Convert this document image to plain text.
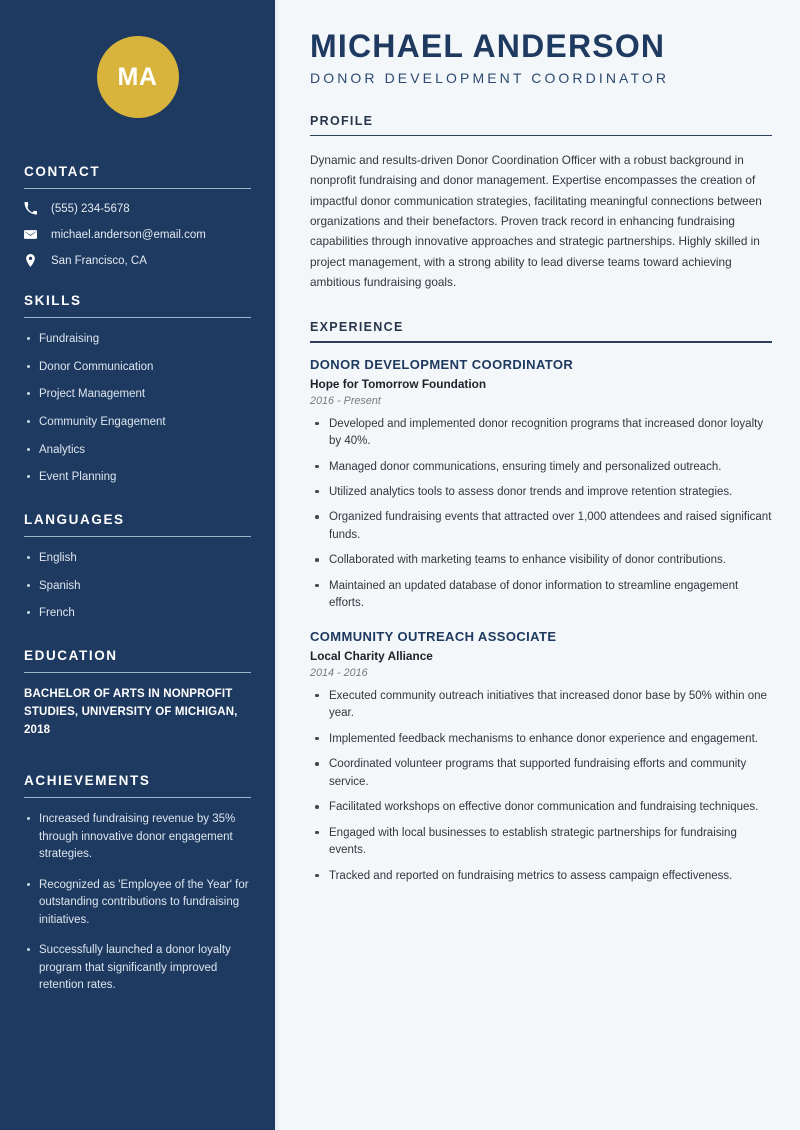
MA
CONTACT
(555) 234-5678
michael.anderson@email.com
San Francisco, CA
SKILLS
Fundraising
Donor Communication
Project Management
Community Engagement
Analytics
Event Planning
LANGUAGES
English
Spanish
French
EDUCATION
BACHELOR OF ARTS IN NONPROFIT STUDIES, UNIVERSITY OF MICHIGAN, 2018
ACHIEVEMENTS
Increased fundraising revenue by 35% through innovative donor engagement strategies.
Recognized as 'Employee of the Year' for outstanding contributions to fundraising initiatives.
Successfully launched a donor loyalty program that significantly improved retention rates.
MICHAEL ANDERSON
DONOR DEVELOPMENT COORDINATOR
PROFILE

Dynamic and results-driven Donor Coordination Officer with a robust background in nonprofit fundraising and donor management. Expertise encompasses the creation of impactful donor communication strategies, facilitating meaningful connections between organizations and their benefactors. Proven track record in enhancing fundraising capabilities through innovative approaches and strategic partnerships. Highly skilled in project management, with a strong ability to lead diverse teams toward achieving ambitious fundraising goals.

EXPERIENCE
DONOR DEVELOPMENT COORDINATOR
Hope for Tomorrow Foundation
2016 - Present
Developed and implemented donor recognition programs that increased donor loyalty by 40%.
Managed donor communications, ensuring timely and personalized outreach.
Utilized analytics tools to assess donor trends and improve retention strategies.
Organized fundraising events that attracted over 1,000 attendees and raised significant funds.
Collaborated with marketing teams to enhance visibility of donor contributions.
Maintained an updated database of donor information to streamline engagement efforts.
COMMUNITY OUTREACH ASSOCIATE
Local Charity Alliance
2014 - 2016
Executed community outreach initiatives that increased donor base by 50% within one year.
Implemented feedback mechanisms to enhance donor experience and engagement.
Coordinated volunteer programs that supported fundraising efforts and community service.
Facilitated workshops on effective donor communication and fundraising techniques.
Engaged with local businesses to establish strategic partnerships for fundraising events.
Tracked and reported on fundraising metrics to assess campaign effectiveness.
